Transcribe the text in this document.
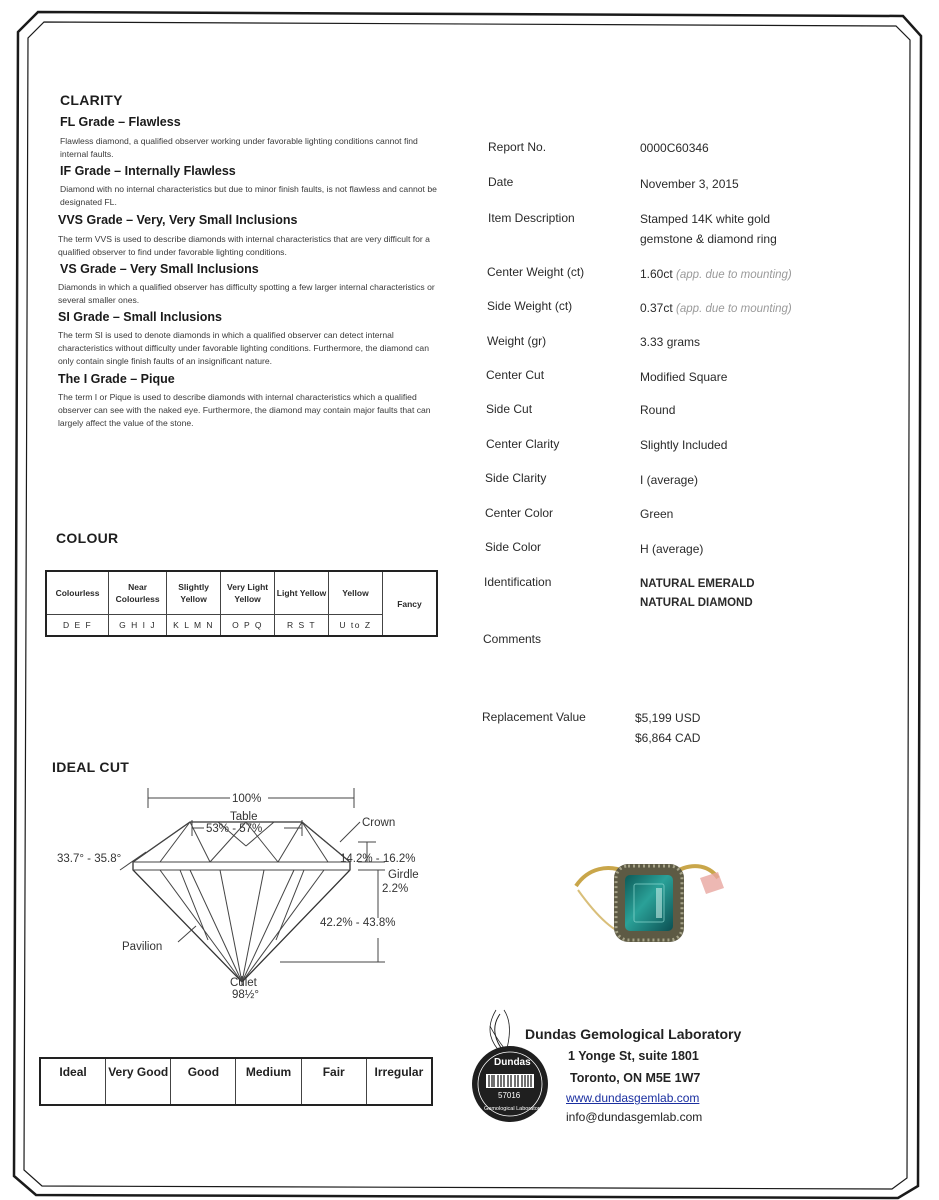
CLARITY
FL Grade – Flawless
Flawless diamond, a qualified observer working under favorable lighting conditions cannot find internal faults.
IF Grade – Internally Flawless
Diamond with no internal characteristics but due to minor finish faults, is not flawless and cannot be designated FL.
VVS Grade – Very, Very Small Inclusions
The term VVS is used to describe diamonds with internal characteristics that are very difficult for a qualified observer to find under favorable lighting conditions.
VS Grade – Very Small Inclusions
Diamonds in which a qualified observer has difficulty spotting a few larger internal characteristics or several smaller ones.
SI Grade – Small Inclusions
The term SI is used to denote diamonds in which a qualified observer can detect internal characteristics without difficulty under favorable lighting conditions. Furthermore, the diamond can only contain single finish faults of an insignificant nature.
The I Grade – Pique
The term I or Pique is used to describe diamonds with internal characteristics which a qualified observer can see with the naked eye. Furthermore, the diamond may contain major faults that can largely affect the value of the stone.
COLOUR
Colourless	Near Colourless	Slightly Yellow	Very Light Yellow	Light Yellow	Yellow	Fancy
D E F	G H I J	K L M N	O P Q	R S T	U to Z	
IDEAL CUT
100%
Table
53% - 57%	Crown
33.7° - 35.8°	14.2% - 16.2%
Girdle
2.2%
42.2% - 43.8%
Pavilion
Culet
98½°
Ideal	Very Good	Good	Medium	Fair	Irregular
Report No.	0000C60346
Date	November 3, 2015
Item Description	Stamped 14K white gold
gemstone & diamond ring
Center Weight (ct)	1.60ct (app. due to mounting)
Side Weight (ct)	0.37ct (app. due to mounting)
Weight (gr)	3.33 grams
Center Cut	Modified Square
Side Cut	Round
Center Clarity	Slightly Included
Side Clarity	I (average)
Center Color	Green
Side Color	H (average)
Identification	NATURAL EMERALD
NATURAL DIAMOND
Comments
Replacement Value	$5,199 USD
$6,864 CAD
Dundas
57016
Gemological Laboratory
Dundas Gemological Laboratory
1 Yonge St, suite 1801
Toronto, ON M5E 1W7
www.dundasgemlab.com
info@dundasgemlab.com
